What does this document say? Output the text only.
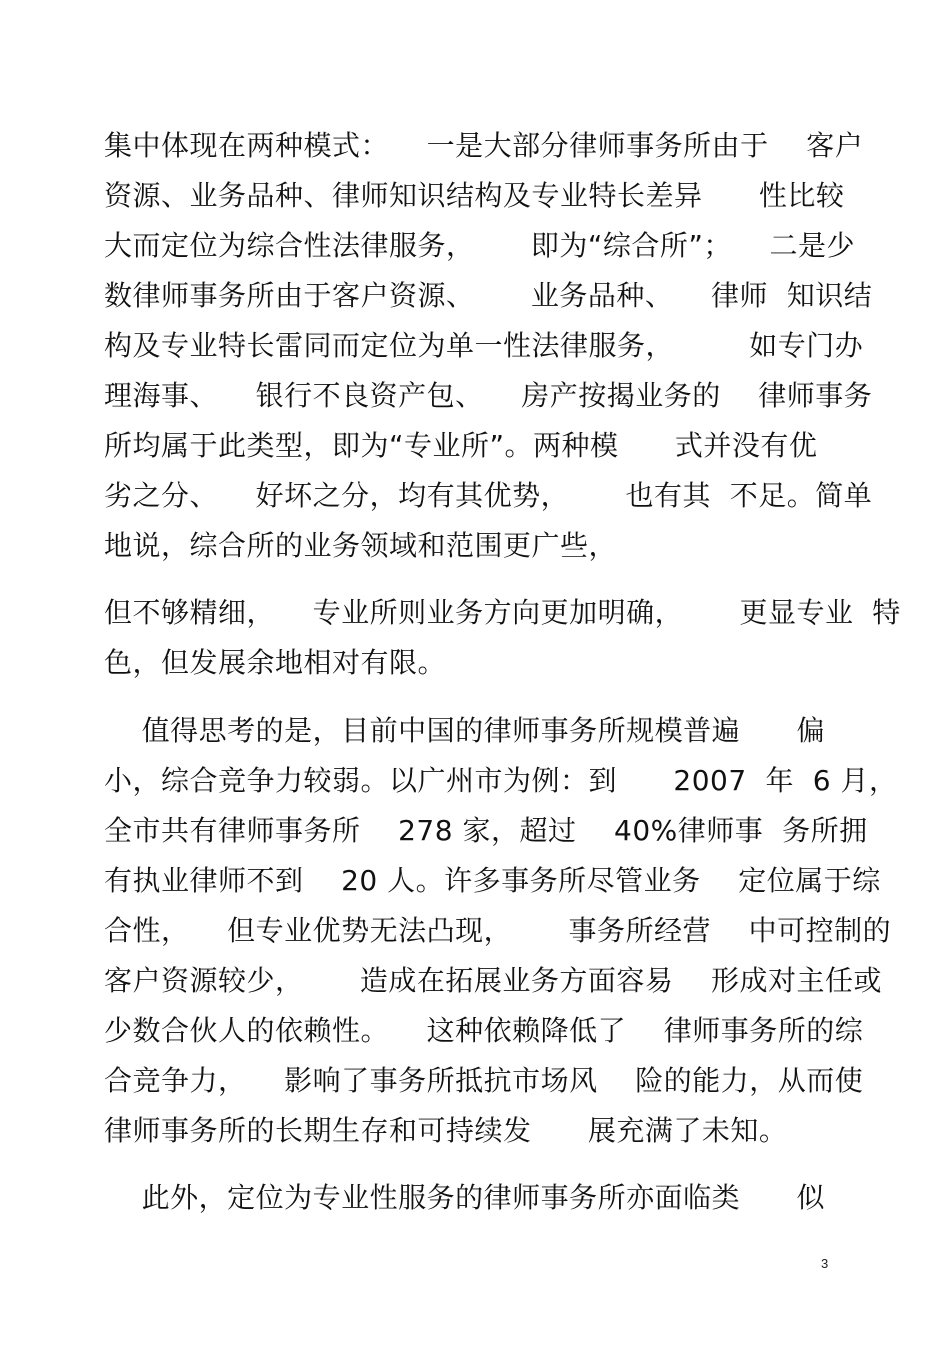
集中体现在两种模式：    一是大部分律师事务所由于    客户
资源、业务品种、律师知识结构及专业特长差异      性比较
大而定位为综合性法律服务，      即为“综合所”；    二是少
数律师事务所由于客户资源、      业务品种、    律师  知识结
构及专业特长雷同而定位为单一性法律服务，        如专门办
理海事、    银行不良资产包、    房产按揭业务的    律师事务
所均属于此类型，即为“专业所”。两种模      式并没有优
劣之分、    好坏之分，均有其优势，      也有其  不足。简单
地说，综合所的业务领域和范围更广些，
但不够精细，    专业所则业务方向更加明确，      更显专业  特
色，但发展余地相对有限。
值得思考的是，目前中国的律师事务所规模普遍      偏
小，综合竞争力较弱。以广州市为例：到      2007  年  6 月，
全市共有律师事务所    278 家，超过    40%律师事  务所拥
有执业律师不到    20 人。许多事务所尽管业务    定位属于综
合性，    但专业优势无法凸现，      事务所经营    中可控制的
客户资源较少，      造成在拓展业务方面容易    形成对主任或
少数合伙人的依赖性。    这种依赖降低了    律师事务所的综
合竞争力，    影响了事务所抵抗市场风    险的能力，从而使
律师事务所的长期生存和可持续发      展充满了未知。
此外，定位为专业性服务的律师事务所亦面临类      似
3
